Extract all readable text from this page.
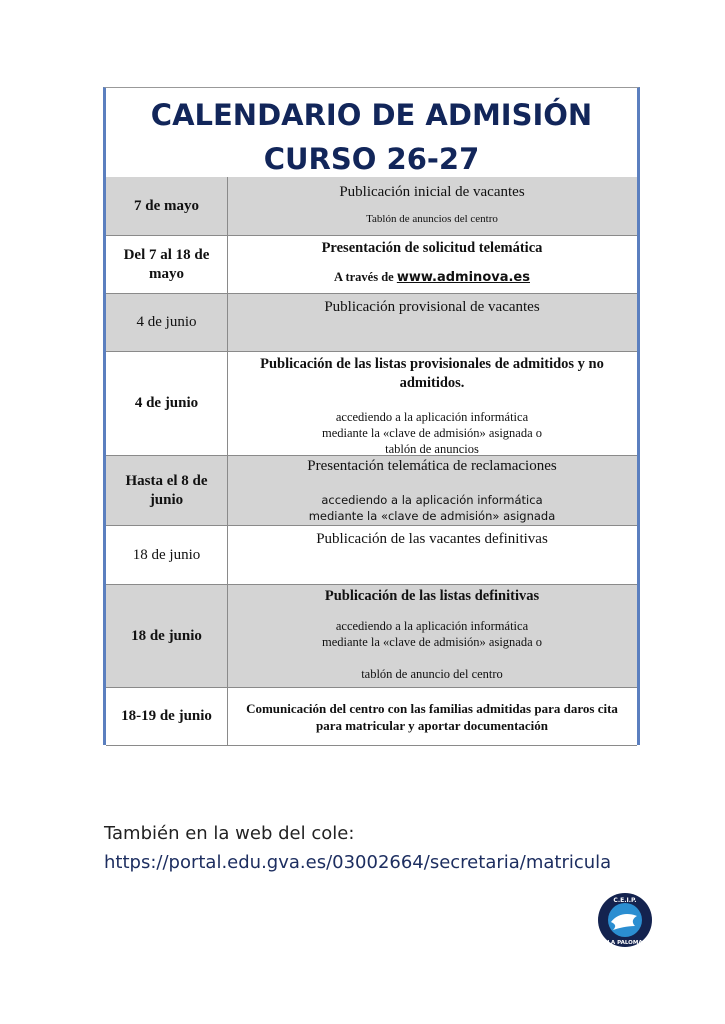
CALENDARIO DE ADMISIÓN
CURSO 26-27
7 de mayo
Publicación inicial de vacantes
Tablón de anuncios del centro
Del 7 al 18 de mayo
Presentación de solicitud telemática
A través de www.adminova.es
4 de junio
Publicación provisional de vacantes
4 de junio
Publicación de las listas provisionales de admitidos y no admitidos.
accediendo a la aplicación informática
mediante la «clave de admisión» asignada o
tablón de anuncios
Hasta el 8 de junio
Presentación telemática de reclamaciones
accediendo a la aplicación informática
mediante la «clave de admisión» asignada
18 de junio
Publicación de las vacantes definitivas
18 de junio
Publicación de las listas definitivas
accediendo a la aplicación informática
mediante la «clave de admisión» asignada o
tablón de anuncio del centro
18-19 de junio	Comunicación del centro con las familias admitidas para daros cita para matricular y aportar documentación
También en la web del cole:
https://portal.edu.gva.es/03002664/secretaria/matricula
C.E.I.P.
LA PALOMA
